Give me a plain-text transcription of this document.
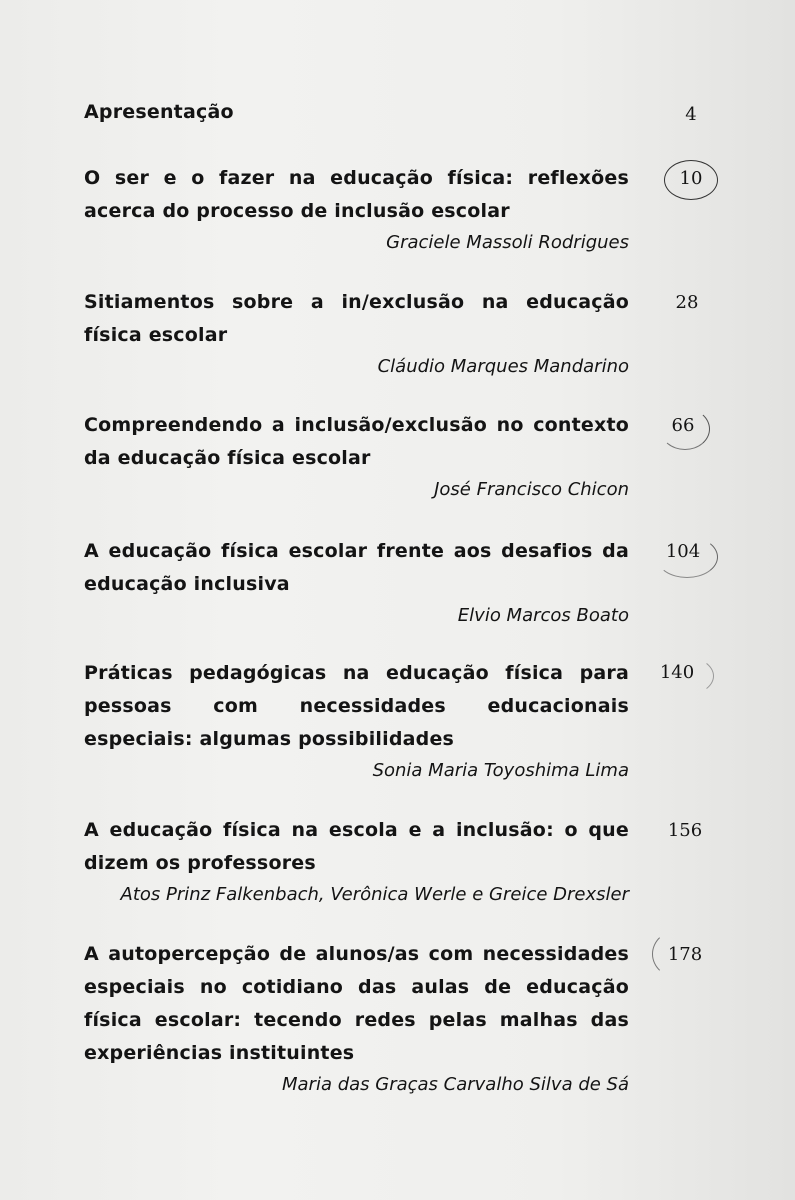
Apresentação	4
O ser e o fazer na educação física: reflexões acerca do processo de inclusão escolar
Graciele Massoli Rodrigues
10
Sitiamentos sobre a in/exclusão na educação física escolar
Cláudio Marques Mandarino
28
Compreendendo a inclusão/exclusão no contexto da educação física escolar
José Francisco Chicon
66
A educação física escolar frente aos desafios da educação inclusiva
Elvio Marcos Boato
104
Práticas pedagógicas na educação física para pessoas com necessidades educacionais especiais: algumas possibilidades
Sonia Maria Toyoshima Lima
140
A educação física na escola e a inclusão: o que dizem os professores
Atos Prinz Falkenbach, Verônica Werle e Greice Drexsler
156
A autopercepção de alunos/as com necessidades especiais no cotidiano das aulas de educação física escolar: tecendo redes pelas malhas das experiências instituintes
Maria das Graças Carvalho Silva de Sá
178
